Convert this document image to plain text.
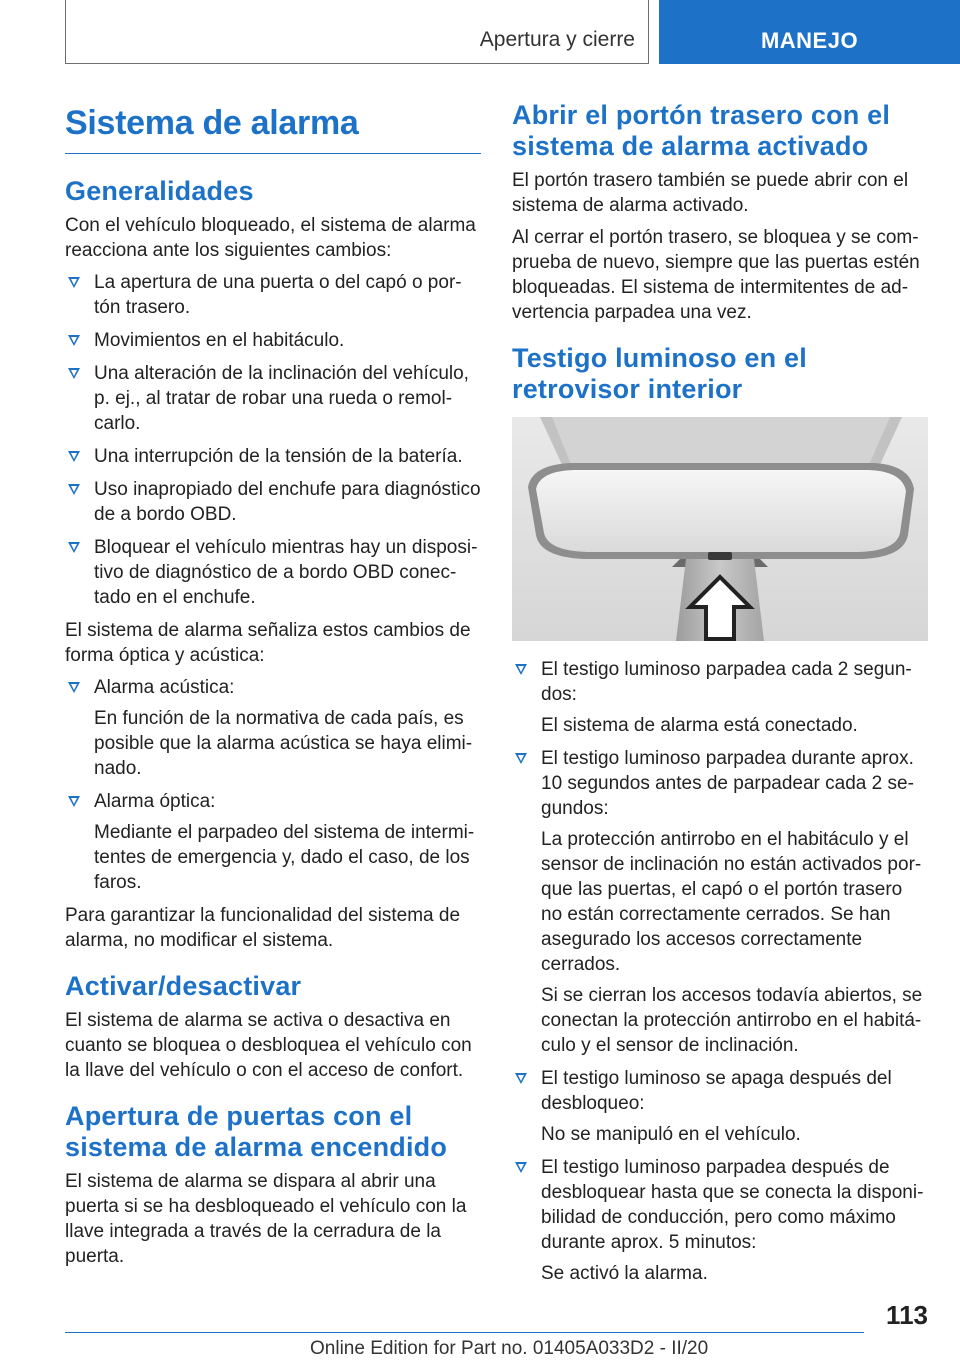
Apertura y cierre	MANEJO
Sistema de alarma
Generalidades

Con el vehículo bloqueado, el sistema de alarma reacciona ante los siguientes cambios:

La apertura de una puerta o del capó o portón trasero.

Movimientos en el habitáculo.

Una alteración de la inclinación del vehículo, p. ej., al tratar de robar una rueda o remolcarlo.

Una interrupción de la tensión de la batería.

Uso inapropiado del enchufe para diagnóstico de a bordo OBD.

Bloquear el vehículo mientras hay un dispositivo de diagnóstico de a bordo OBD conectado en el enchufe.

El sistema de alarma señaliza estos cambios de forma óptica y acústica:

Alarma acústica:

En función de la normativa de cada país, es posible que la alarma acústica se haya eliminado.

Alarma óptica:

Mediante el parpadeo del sistema de intermitentes de emergencia y, dado el caso, de los faros.

Para garantizar la funcionalidad del sistema de alarma, no modificar el sistema.

Activar/desactivar

El sistema de alarma se activa o desactiva en cuanto se bloquea o desbloquea el vehículo con la llave del vehículo o con el acceso de confort.

Apertura de puertas con el sistema de alarma encendido

El sistema de alarma se dispara al abrir una puerta si se ha desbloqueado el vehículo con la llave integrada a través de la cerradura de la puerta.

Abrir el portón trasero con el sistema de alarma activado

El portón trasero también se puede abrir con el sistema de alarma activado.

Al cerrar el portón trasero, se bloquea y se comprueba de nuevo, siempre que las puertas estén bloqueadas. El sistema de intermitentes de advertencia parpadea una vez.

Testigo luminoso en el retrovisor interior

El testigo luminoso parpadea cada 2 segundos:

El sistema de alarma está conectado.

El testigo luminoso parpadea durante aprox. 10 segundos antes de parpadear cada 2 segundos:

La protección antirrobo en el habitáculo y el sensor de inclinación no están activados porque las puertas, el capó o el portón trasero no están correctamente cerrados. Se han asegurado los accesos correctamente cerrados.

Si se cierran los accesos todavía abiertos, se conectan la protección antirrobo en el habitáculo y el sensor de inclinación.

El testigo luminoso se apaga después del desbloqueo:

No se manipuló en el vehículo.

El testigo luminoso parpadea después de desbloquear hasta que se conecta la disponibilidad de conducción, pero como máximo durante aprox. 5 minutos:

Se activó la alarma.

113
Online Edition for Part no. 01405A033D2 - II/20
